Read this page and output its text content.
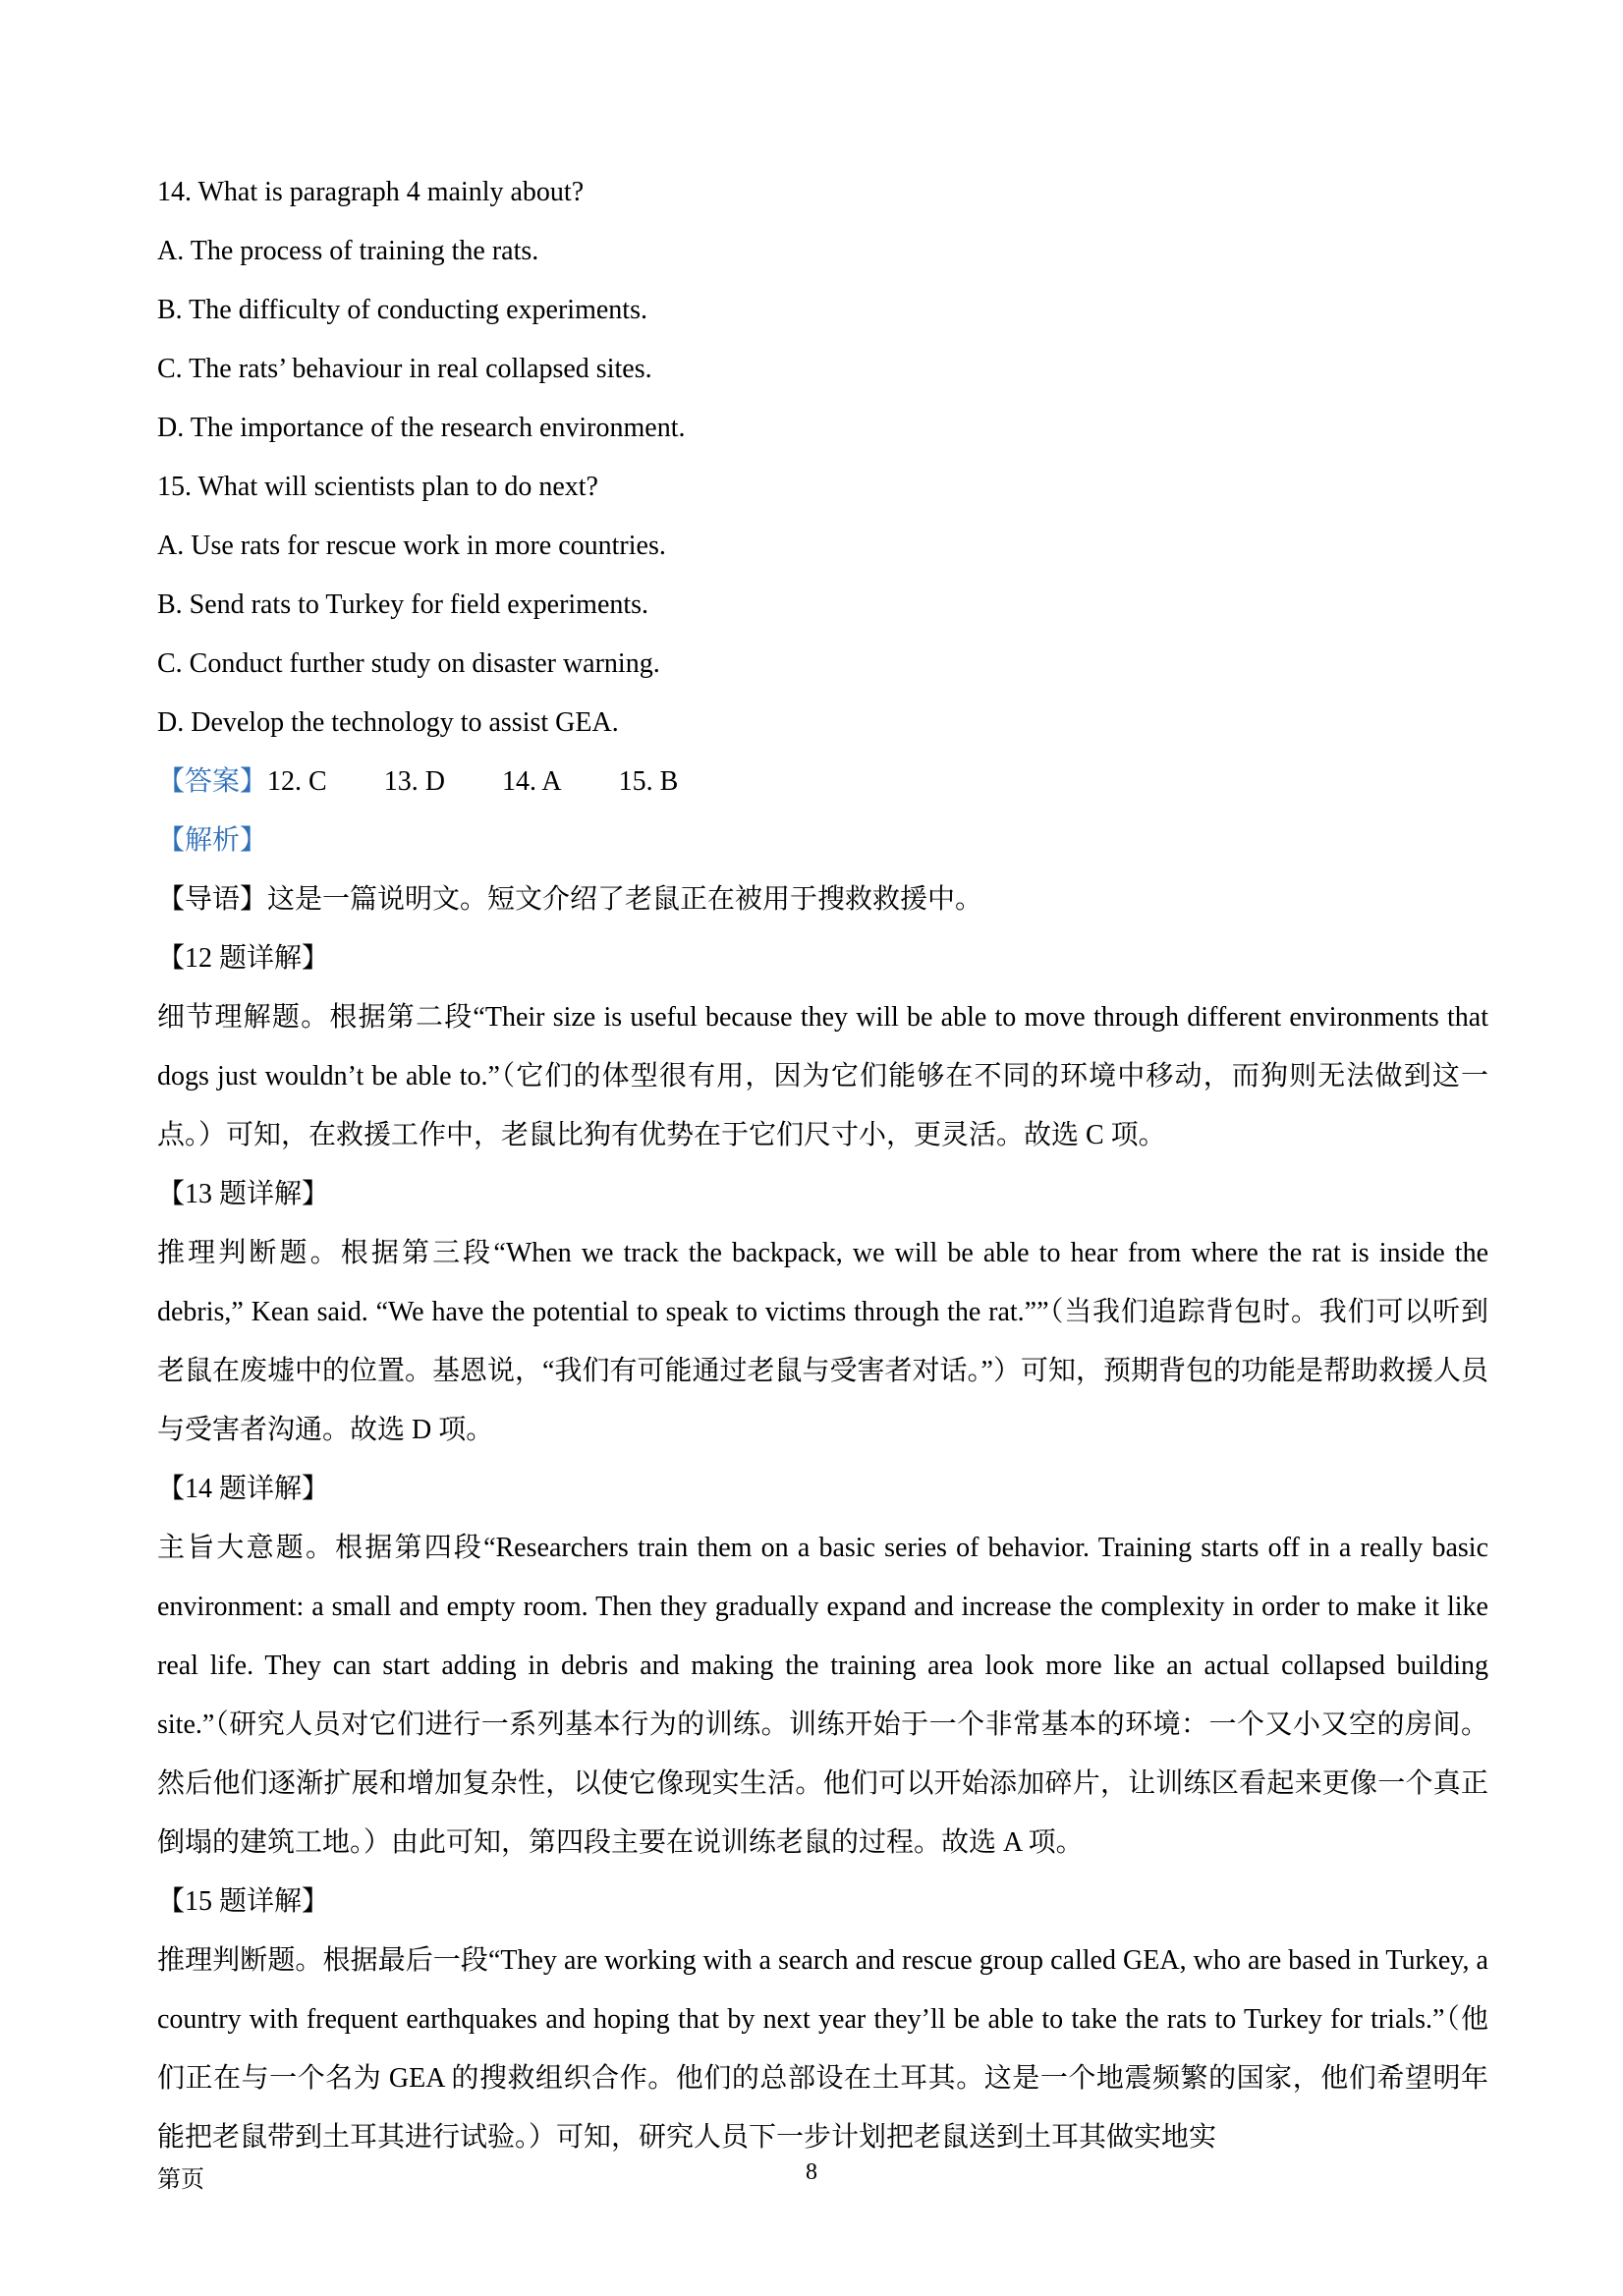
14. What is paragraph 4 mainly about?
A. The process of training the rats.
B. The difficulty of conducting experiments.
C. The rats’ behaviour in real collapsed sites.
D. The importance of the research environment.
15. What will scientists plan to do next?
A. Use rats for rescue work in more countries.
B. Send rats to Turkey for field experiments.
C. Conduct further study on disaster warning.
D. Develop the technology to assist GEA.
【答案】12. C 13. D 14. A 15. B
【解析】
【导语】这是一篇说明文。短文介绍了老鼠正在被用于搜救救援中。
【12 题详解】

细节理解题。根据第二段“Their size is useful because they will be able to move through different environments that dogs just wouldn’t be able to.”（它们的体型很有用，因为它们能够在不同的环境中移动，而狗则无法做到这一点。）可知，在救援工作中，老鼠比狗有优势在于它们尺寸小，更灵活。故选 C 项。

【13 题详解】

推理判断题。根据第三段“When we track the backpack, we will be able to hear from where the rat is inside the debris,” Kean said. “We have the potential to speak to victims through the rat.””（当我们追踪背包时。我们可以听到老鼠在废墟中的位置。基恩说，“我们有可能通过老鼠与受害者对话。”）可知，预期背包的功能是帮助救援人员与受害者沟通。故选 D 项。

【14 题详解】

主旨大意题。根据第四段“Researchers train them on a basic series of behavior. Training starts off in a really basic environment: a small and empty room. Then they gradually expand and increase the complexity in order to make it like real life. They can start adding in debris and making the training area look more like an actual collapsed building site.”（研究人员对它们进行一系列基本行为的训练。训练开始于一个非常基本的环境：一个又小又空的房间。然后他们逐渐扩展和增加复杂性，以使它像现实生活。他们可以开始添加碎片，让训练区看起来更像一个真正倒塌的建筑工地。）由此可知，第四段主要在说训练老鼠的过程。故选 A 项。

【15 题详解】

推理判断题。根据最后一段“They are working with a search and rescue group called GEA, who are based in Turkey, a country with frequent earthquakes and hoping that by next year they’ll be able to take the rats to Turkey for trials.”（他们正在与一个名为 GEA 的搜救组织合作。他们的总部设在土耳其。这是一个地震频繁的国家，他们希望明年能把老鼠带到土耳其进行试验。）可知，研究人员下一步计划把老鼠送到土耳其做实地实

第页	8
